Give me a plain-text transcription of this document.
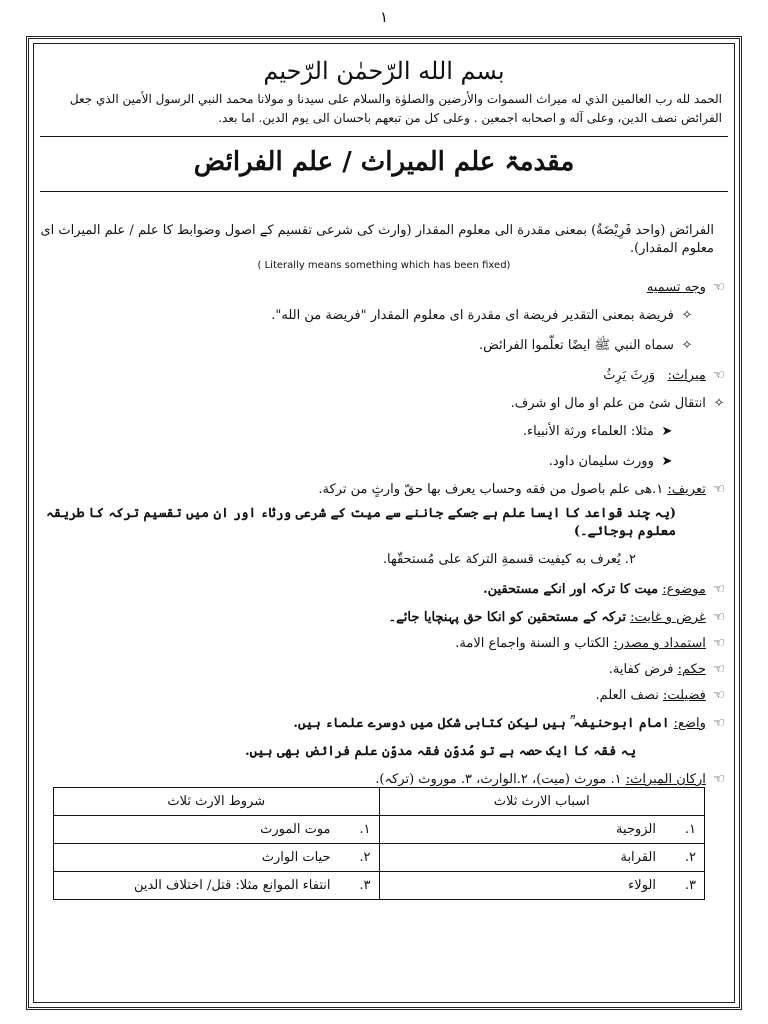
١
بسم الله الرّحمٰن الرّحيم
الحمد لله رب العالمين الذي له ميراث السموات والأرضين والصلوٰة والسلام على سيدنا و مولانا محمد النبي الرسول الأمين الذي جعل الفرائض نصف الدين، وعلى آله و اصحابه اجمعين . وعلى كل من تبعهم باحسان الى يوم الدين. اما بعد.
مقدمۃ علم المیراث / علم الفرائض

الفرائض (واحد فَرِيْضَةٌ) بمعنى مقدرة الى معلوم المقدار (وارث کی شرعی تقسیم کے اصول وضوابط کا علم / علم المیراث ای معلوم المقدار).

( Literally means something which has been fixed)

☜ وجه تسميه

✧ فريضة بمعنى التقدير فريضة اى مقدرة اى معلوم المقدار "فريضة من الله".

✧ سماه النبي ﷺ ايضًا تعلّموا الفرائض.

☜ ميراث:   وَرِثَ يَرِثُ

✧ انتقال شئ من علم او مال او شرف.

➤ مثلا: العلماء ورثة الأنبياء.

➤ وورث سليمان داود.

☜ تعريف: ١.هى علم باصول من فقه وحساب يعرف بها حقّ وارثٍ من تركة.

(یہ چند قواعد کا ایسا علم ہے جسکے جاننے سے میت کے شرعی ورثاء اور ان میں تقسیم ترکہ کا طریقہ معلوم ہوجائے۔)

٢. يُعرف به كيفيت قسمةِ التركة على مُستحقّها.

☜ موضوع: میت کا ترکہ اور انکے مستحقین.

☜ غرض و غايت: ترکہ کے مستحقین کو انکا حق پہنچایا جائے۔

☜ استمداد و مصدر: الكتاب و السنة واجماع الامة.

☜ حكم: فرض كفاية.

☜ فضيلت: نصف العلم.

☜ واضع: امام ابوحنیفہ ؒ ہیں لیکن کتابی شکل میں دوسرے علماء ہیں.

یہ فقہ کا ایک حصہ ہے تو مُدوّنِ فقہ مدوّن علم فرائض بھی ہیں.

☜ اركان الميراث: ١. مورث (ميت)، ٢.الوارث، ٣. موروث (تركہ).

اسباب الارث ثلاث	شروط الارث ثلاث
١.الزوجية	١.موت المورث
٢.القرابة	٢.حيات الوارث
٣.الولاء	٣.انتفاء الموانع مثلا: قتل/ اختلاف الدين
